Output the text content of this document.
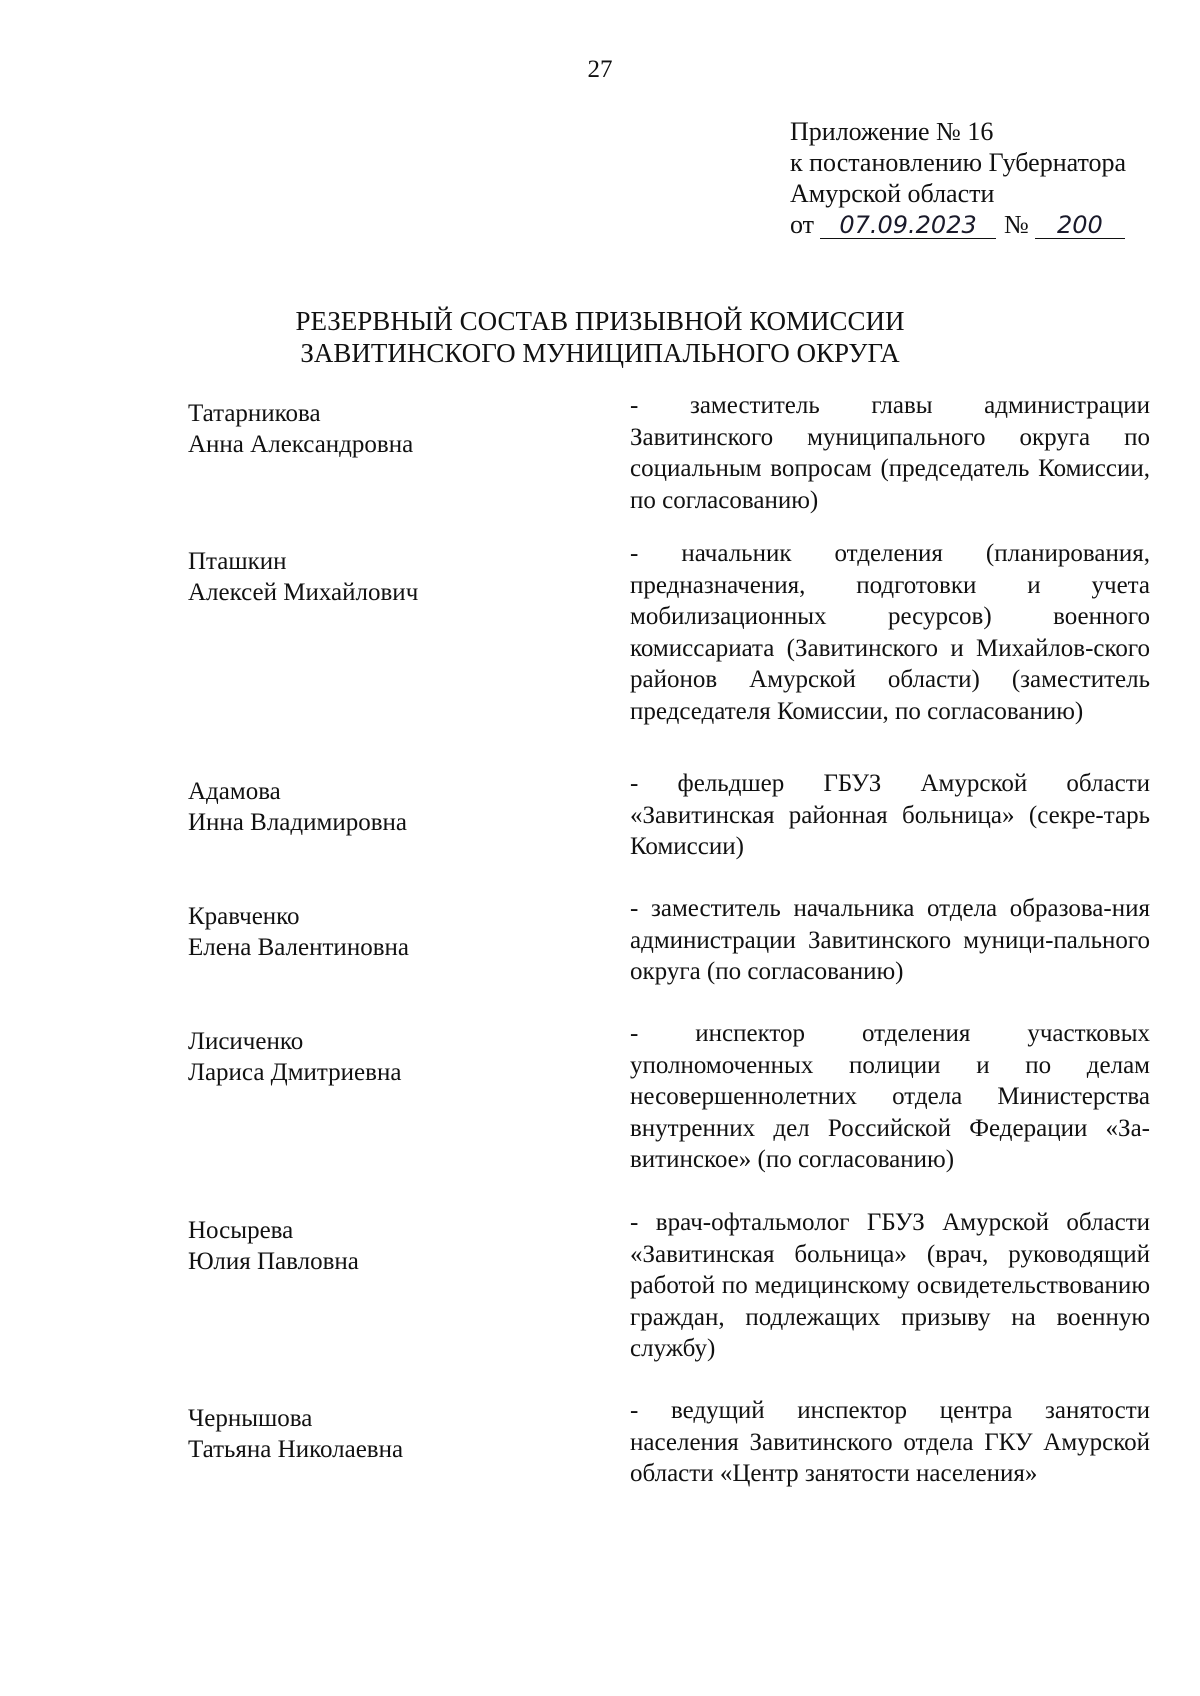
27
Приложение № 16
к постановлению Губернатора
Амурской области
от 07.09.2023 № 200
РЕЗЕРВНЫЙ СОСТАВ ПРИЗЫВНОЙ КОМИССИИ
ЗАВИТИНСКОГО МУНИЦИПАЛЬНОГО ОКРУГА
Татарникова
Анна Александровна
- заместитель главы администрации Завитинского муниципального округа по социальным вопросам (председатель Комиссии, по согласованию)
Пташкин
Алексей Михайлович
- начальник отделения (планирования, предназначения, подготовки и учета мобилизационных ресурсов) военного комиссариата (Завитинского и Михайлов-ского районов Амурской области) (заместитель председателя Комиссии, по согласованию)
Адамова
Инна Владимировна
- фельдшер ГБУЗ Амурской области «Завитинская районная больница» (секре-тарь Комиссии)
Кравченко
Елена Валентиновна
- заместитель начальника отдела образова-ния администрации Завитинского муници-пального округа (по согласованию)
Лисиченко
Лариса Дмитриевна
- инспектор отделения участковых уполномоченных полиции и по делам несовершеннолетних отдела Министерства внутренних дел Российской Федерации «За-витинское» (по согласованию)
Носырева
Юлия Павловна
- врач-офтальмолог ГБУЗ Амурской области «Завитинская больница» (врач, руководящий работой по медицинскому освидетельствованию граждан, подлежащих призыву на военную службу)
Чернышова
Татьяна Николаевна
- ведущий инспектор центра занятости населения Завитинского отдела ГКУ Амурской области «Центр занятости населения»
